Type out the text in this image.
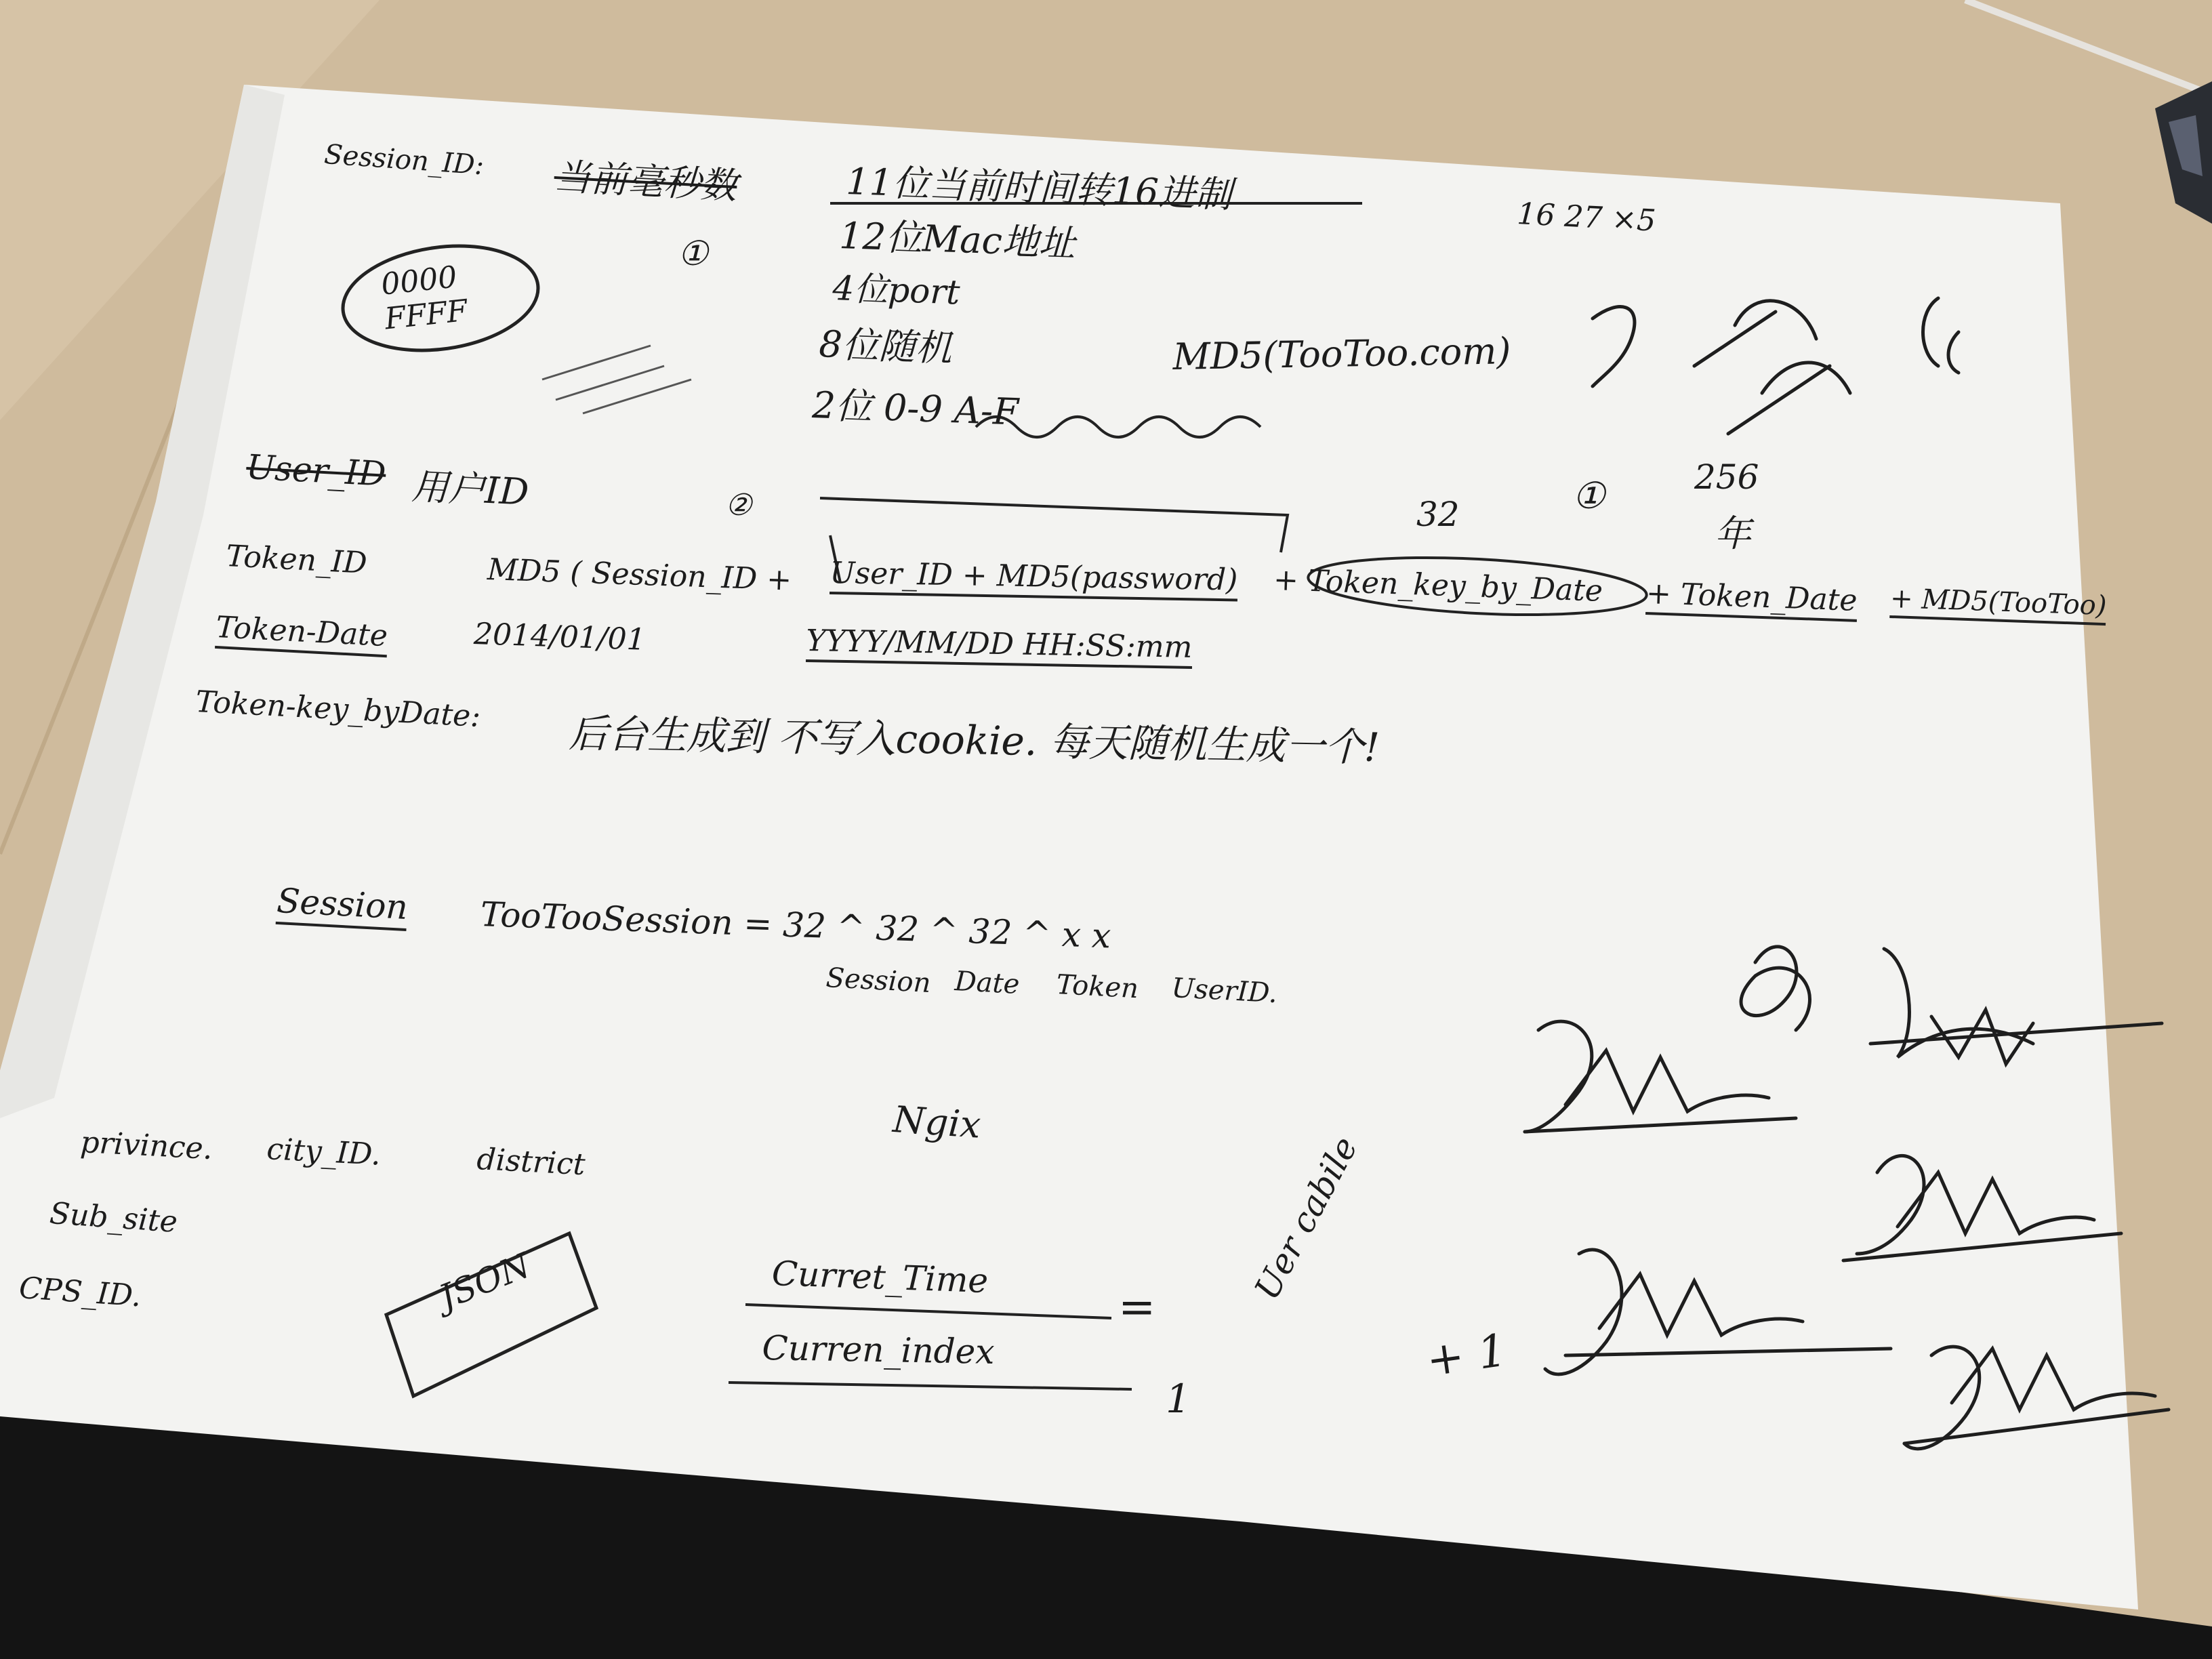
Session_ID: 当前毫秒数	11位当前时间转16进制
12位Mac地址
4位port
8位随机	MD5(TooToo.com)
2位 0-9 A-F
0000 FFFF
16 27 ×5
①
②
User_ID 用户ID
32	①	256
年
Token_ID	MD5 ( Session_ID + User_ID + MD5(password) + Token_key_by_Date + Token_Date + MD5(TooToo)
Token-Date	2014/01/01	YYYY/MM/DD HH:SS:mm
Token-key_byDate:
后台生成到 不写入cookie. 每天随机生成一个!
Session TooTooSession = 32 ^ 32 ^ 32 ^ x x
Session Date Token UserID.
Ngix
privince. city_ID.	district
Sub_site
CPS_ID.	JSON	Curret_Time
Curren_index
=
1
+ 1
Uer cabile
